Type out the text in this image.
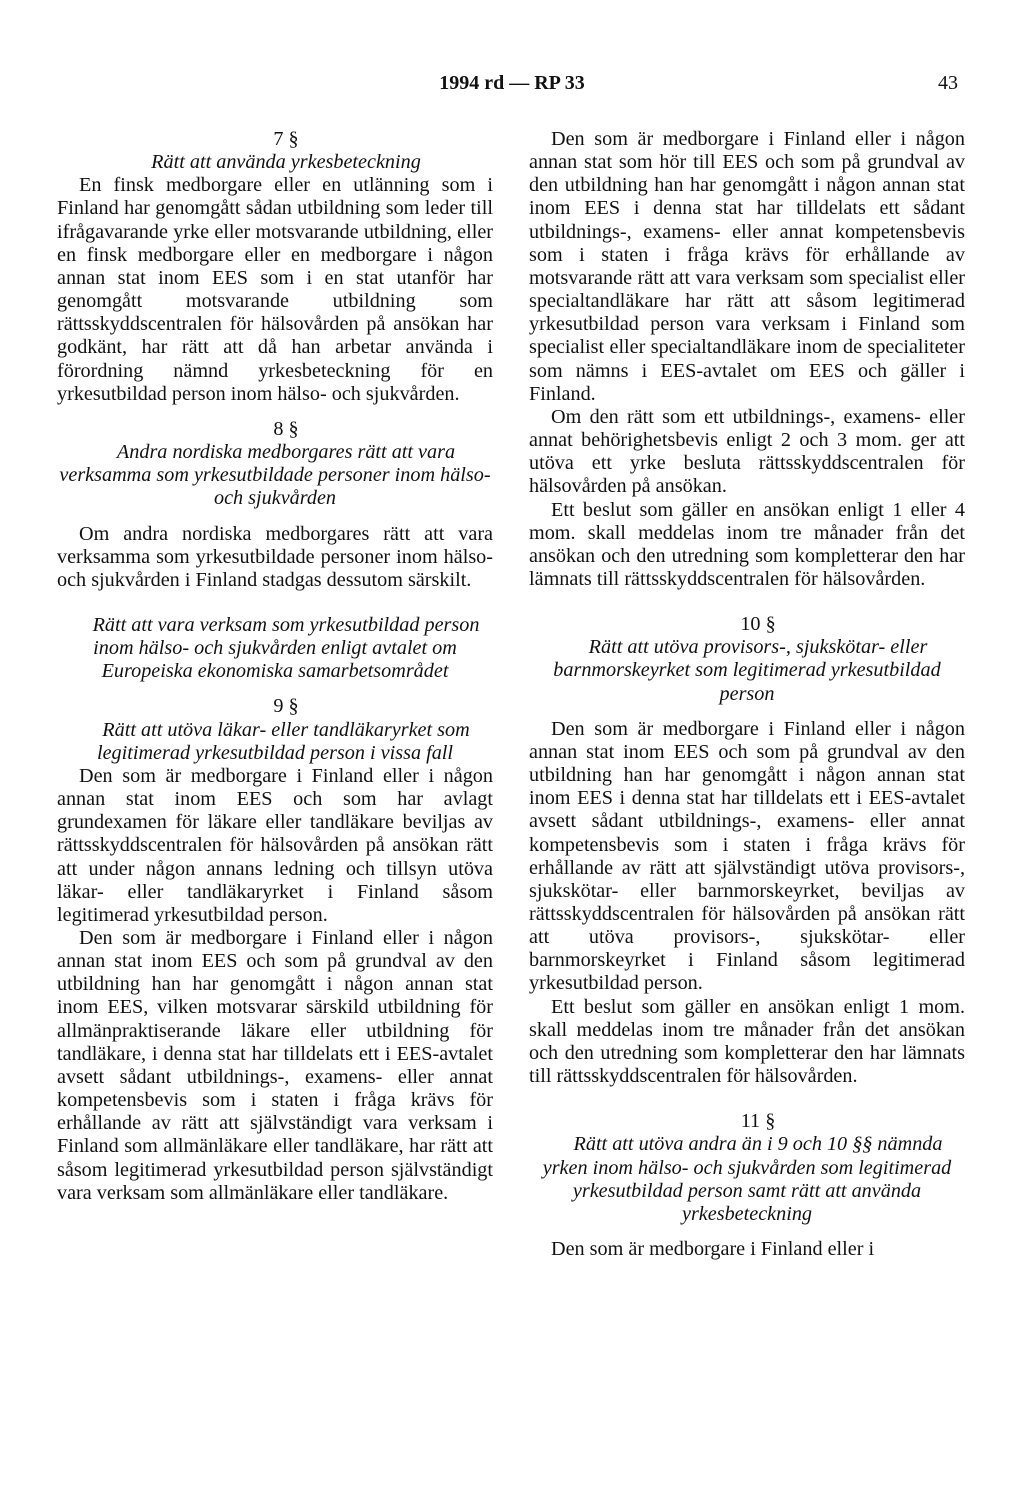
1994 rd — RP 33	43

7 §

Rätt att använda yrkesbeteckning

En finsk medborgare eller en utlänning som i Finland har genomgått sådan utbildning som leder till ifrågavarande yrke eller motsvarande utbildning, eller en finsk medborgare eller en medborgare i någon annan stat inom EES som i en stat utanför har genomgått motsvarande utbildning som rättsskyddscentralen för hälsovården på ansökan har godkänt, har rätt att då han arbetar använda i förordning nämnd yrkesbeteckning för en yrkesutbildad person inom hälso- och sjukvården.

8 §

Andra nordiska medborgares rätt att vara verksamma som yrkesutbildade personer inom hälso- och sjukvården

Om andra nordiska medborgares rätt att vara verksamma som yrkesutbildade personer inom hälso- och sjukvården i Finland stadgas dessutom särskilt.

Rätt att vara verksam som yrkesutbildad person inom hälso- och sjukvården enligt avtalet om Europeiska ekonomiska samarbetsområdet

9 §

Rätt att utöva läkar- eller tandläkaryrket som legitimerad yrkesutbildad person i vissa fall

Den som är medborgare i Finland eller i någon annan stat inom EES och som har avlagt grundexamen för läkare eller tandläkare beviljas av rättsskyddscentralen för hälsovården på ansökan rätt att under någon annans ledning och tillsyn utöva läkar- eller tandläkaryrket i Finland såsom legitimerad yrkesutbildad person.

Den som är medborgare i Finland eller i någon annan stat inom EES och som på grundval av den utbildning han har genomgått i någon annan stat inom EES, vilken motsvarar särskild utbildning för allmänpraktiserande läkare eller utbildning för tandläkare, i denna stat har tilldelats ett i EES-avtalet avsett sådant utbildnings-, examens- eller annat kompetensbevis som i staten i fråga krävs för erhållande av rätt att självständigt vara verksam i Finland som allmänläkare eller tandläkare, har rätt att såsom legitimerad yrkesutbildad person självständigt vara verksam som allmänläkare eller tandläkare.

Den som är medborgare i Finland eller i någon annan stat som hör till EES och som på grundval av den utbildning han har genomgått i någon annan stat inom EES i denna stat har tilldelats ett sådant utbildnings-, examens- eller annat kompetensbevis som i staten i fråga krävs för erhållande av motsvarande rätt att vara verksam som specialist eller specialtandläkare har rätt att såsom legitimerad yrkesutbildad person vara verksam i Finland som specialist eller specialtandläkare inom de specialiteter som nämns i EES-avtalet om EES och gäller i Finland.

Om den rätt som ett utbildnings-, examens- eller annat behörighetsbevis enligt 2 och 3 mom. ger att utöva ett yrke besluta rättsskyddscentralen för hälsovården på ansökan.

Ett beslut som gäller en ansökan enligt 1 eller 4 mom. skall meddelas inom tre månader från det ansökan och den utredning som kompletterar den har lämnats till rättsskyddscentralen för hälsovården.

10 §

Rätt att utöva provisors-, sjukskötar- eller barnmorskeyrket som legitimerad yrkesutbildad person

Den som är medborgare i Finland eller i någon annan stat inom EES och som på grundval av den utbildning han har genomgått i någon annan stat inom EES i denna stat har tilldelats ett i EES-avtalet avsett sådant utbildnings-, examens- eller annat kompetensbevis som i staten i fråga krävs för erhållande av rätt att självständigt utöva provisors-, sjukskötar- eller barnmorskeyrket, beviljas av rättsskyddscentralen för hälsovården på ansökan rätt att utöva provisors-, sjukskötar- eller barnmorskeyrket i Finland såsom legitimerad yrkesutbildad person.

Ett beslut som gäller en ansökan enligt 1 mom. skall meddelas inom tre månader från det ansökan och den utredning som kompletterar den har lämnats till rättsskyddscentralen för hälsovården.

11 §

Rätt att utöva andra än i 9 och 10 §§ nämnda yrken inom hälso- och sjukvården som legitimerad yrkesutbildad person samt rätt att använda yrkesbeteckning

Den som är medborgare i Finland eller i
